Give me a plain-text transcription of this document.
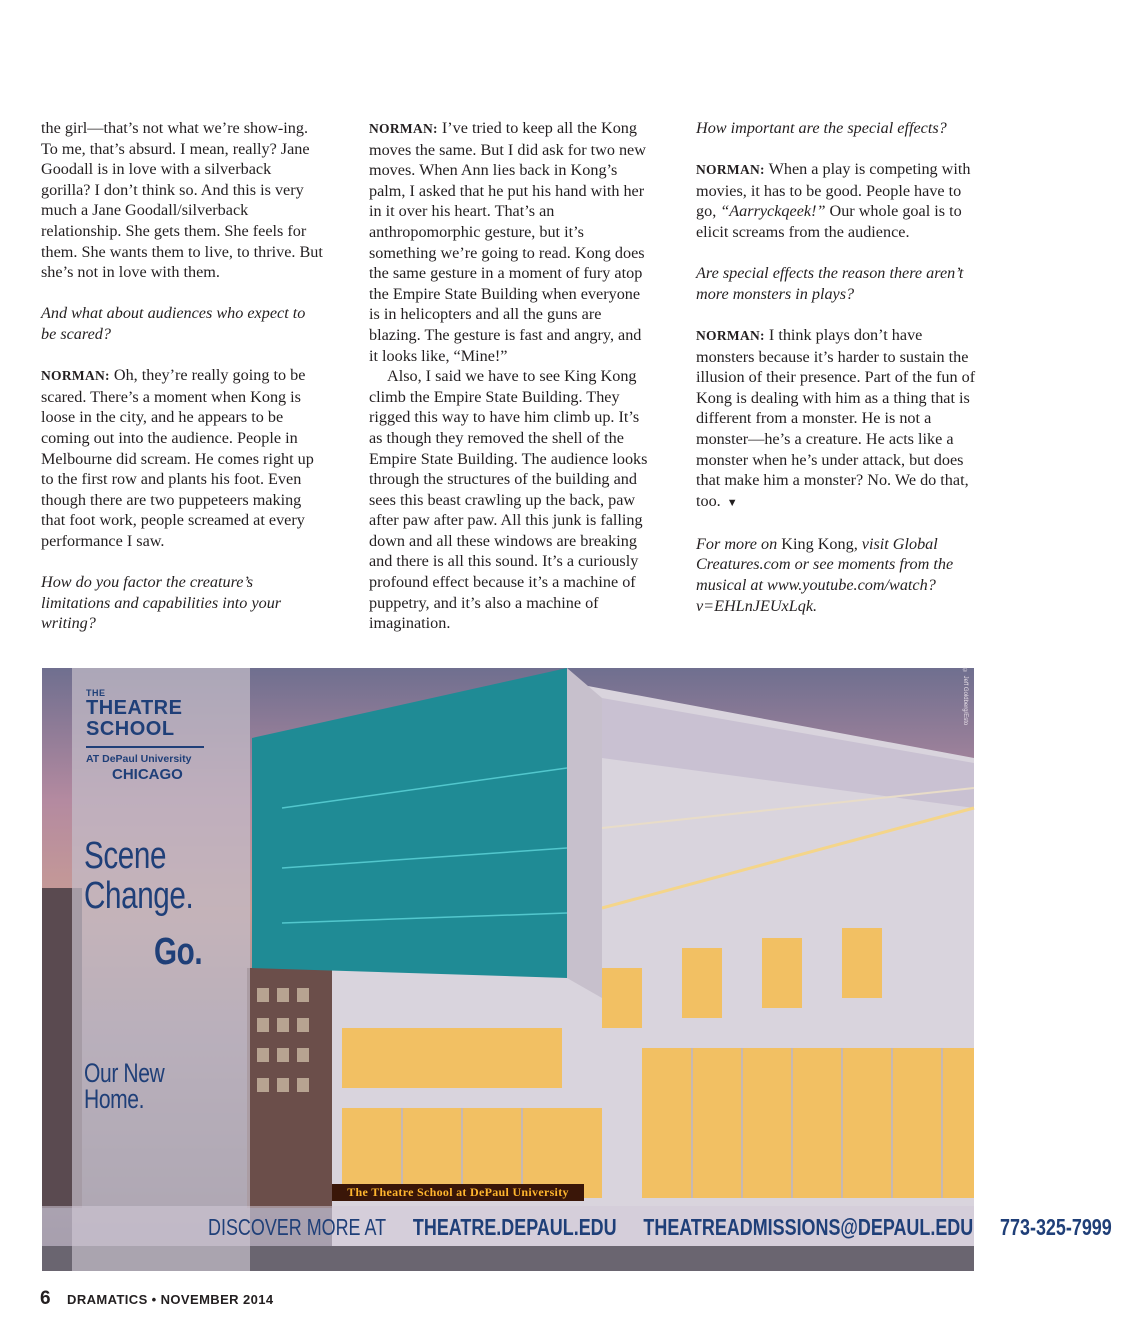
the girl—that’s not what we’re show-ing. To me, that’s absurd. I mean, really? Jane Goodall is in love with a silverback gorilla? I don’t think so. And this is very much a Jane Goodall/silverback relationship. She gets them. She feels for them. She wants them to live, to thrive. But she’s not in love with them.

And what about audiences who expect to be scared?

NORMAN: Oh, they’re really going to be scared. There’s a moment when Kong is loose in the city, and he appears to be coming out into the audience. People in Melbourne did scream. He comes right up to the first row and plants his foot. Even though there are two puppeteers making that foot work, people screamed at every performance I saw.

How do you factor the creature’s limitations and capabilities into your writing?

NORMAN: I’ve tried to keep all the Kong moves the same. But I did ask for two new moves. When Ann lies back in Kong’s palm, I asked that he put his hand with her in it over his heart. That’s an anthropomorphic gesture, but it’s something we’re going to read. Kong does the same gesture in a moment of fury atop the Empire State Building when everyone is in helicopters and all the guns are blazing. The gesture is fast and angry, and it looks like, “Mine!”

Also, I said we have to see King Kong climb the Empire State Building. They rigged this way to have him climb up. It’s as though they removed the shell of the Empire State Building. The audience looks through the structures of the building and sees this beast crawling up the back, paw after paw after paw. All this junk is falling down and all these windows are breaking and there is all this sound. It’s a curiously profound effect because it’s a machine of puppetry, and it’s also a machine of imagination.

How important are the special effects?

NORMAN: When a play is competing with movies, it has to be good. People have to go, “Aarryckqeek!” Our whole goal is to elicit screams from the audience.

Are special effects the reason there aren’t more monsters in plays?

NORMAN: I think plays don’t have monsters because it’s harder to sustain the illusion of their presence. Part of the fun of Kong is dealing with him as a thing that is different from a monster. He is not a monster—he’s a creature. He acts like a monster when he’s under attack, but does that make him a monster? No. We do that, too. ▼

For more on King Kong, visit Global Creatures.com or see moments from the musical at www.youtube.com/watch?v=EHLnJEUxLqk.

THE
THEATRE
SCHOOL
AT DePaul University
CHICAGO
Scene
Change.
Go.
Our New
Home.
© Jeff Goldberg/Esto
The Theatre School at DePaul University
DISCOVER MORE AT THEATRE.DEPAUL.EDU THEATREADMISSIONS@DEPAUL.EDU 773-325-7999
6 DRAMATICS • NOVEMBER 2014
